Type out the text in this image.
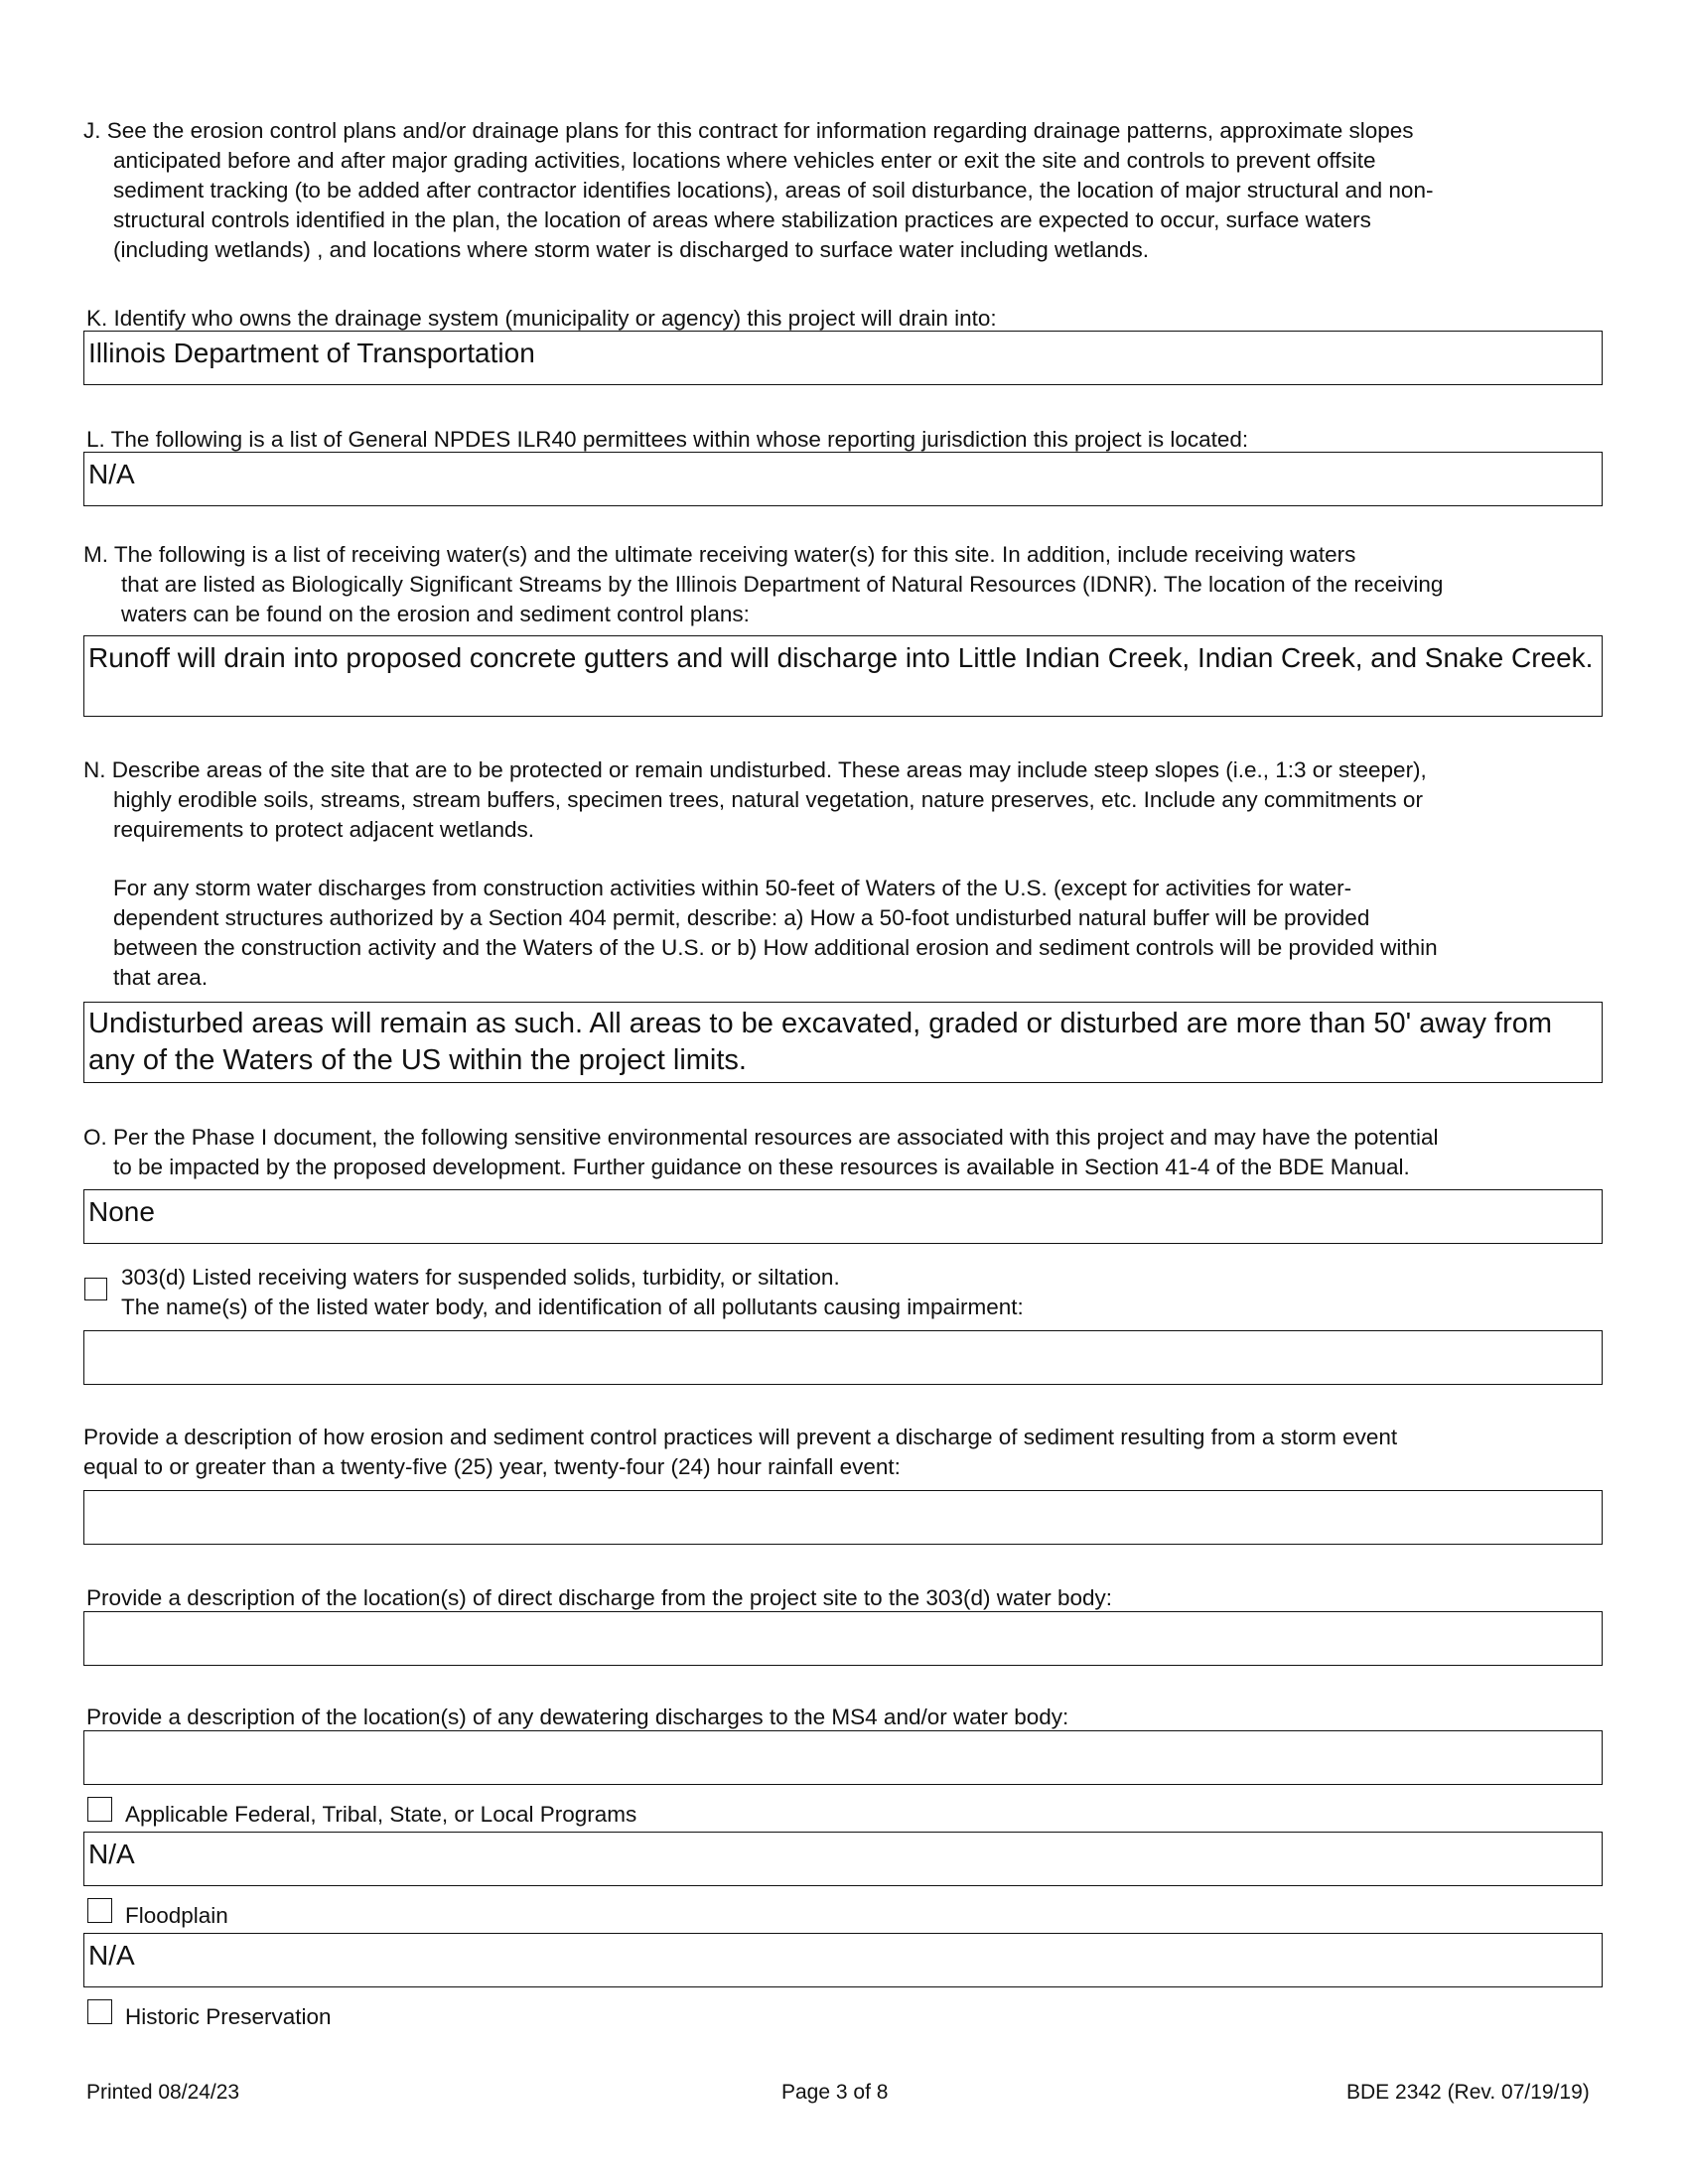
J. See the erosion control plans and/or drainage plans for this contract for information regarding drainage patterns, approximate slopes
anticipated before and after major grading activities, locations where vehicles enter or exit the site and controls to prevent offsite
sediment tracking (to be added after contractor identifies locations), areas of soil disturbance, the location of major structural and non-
structural controls identified in the plan, the location of areas where stabilization practices are expected to occur, surface waters
(including wetlands) , and locations where storm water is discharged to surface water including wetlands.
K. Identify who owns the drainage system (municipality or agency) this project will drain into:
Illinois Department of Transportation
L. The following is a list of General NPDES ILR40 permittees within whose reporting jurisdiction this project is located:
N/A
M. The following is a list of receiving water(s) and the ultimate receiving water(s) for this site. In addition, include receiving waters
that are listed as Biologically Significant Streams by the Illinois Department of Natural Resources (IDNR). The location of the receiving
waters can be found on the erosion and sediment control plans:
Runoff will drain into proposed concrete gutters and will discharge into Little Indian Creek, Indian Creek, and Snake Creek.
N. Describe areas of the site that are to be protected or remain undisturbed. These areas may include steep slopes (i.e., 1:3 or steeper),
highly erodible soils, streams, stream buffers, specimen trees, natural vegetation, nature preserves, etc. Include any commitments or
requirements to protect adjacent wetlands.
For any storm water discharges from construction activities within 50-feet of Waters of the U.S. (except for activities for water-
dependent structures authorized by a Section 404 permit, describe: a) How a 50-foot undisturbed natural buffer will be provided
between the construction activity and the Waters of the U.S. or b) How additional erosion and sediment controls will be provided within
that area.
Undisturbed areas will remain as such. All areas to be excavated, graded or disturbed are more than 50' away from any of the Waters of the US within the project limits.
O. Per the Phase I document, the following sensitive environmental resources are associated with this project and may have the potential
to be impacted by the proposed development. Further guidance on these resources is available in Section 41-4 of the BDE Manual.
None
303(d) Listed receiving waters for suspended solids, turbidity, or siltation.
The name(s) of the listed water body, and identification of all pollutants causing impairment:
Provide a description of how erosion and sediment control practices will prevent a discharge of sediment resulting from a storm event
equal to or greater than a twenty-five (25) year, twenty-four (24) hour rainfall event:
Provide a description of the location(s) of direct discharge from the project site to the 303(d) water body:
Provide a description of the location(s) of any dewatering discharges to the MS4 and/or water body:
Applicable Federal, Tribal, State, or Local Programs
N/A
Floodplain
N/A
Historic Preservation
Printed 08/24/23	Page 3 of 8	BDE 2342 (Rev. 07/19/19)
